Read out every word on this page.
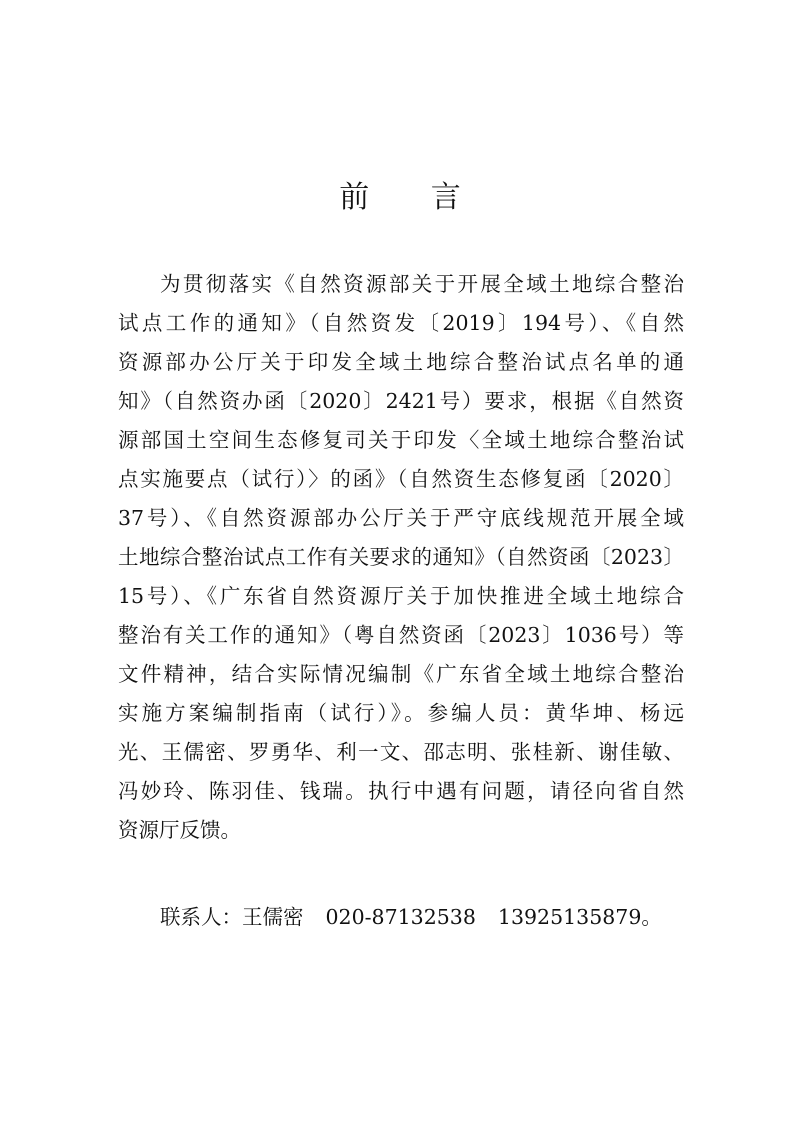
前 言
为贯彻落实《自然资源部关于开展全域土地综合整治
试点工作的通知》（自然资发〔2019〕194号）、《自然
资源部办公厅关于印发全域土地综合整治试点名单的通
知》（自然资办函〔2020〕2421号）要求，根据《自然资
源部国土空间生态修复司关于印发〈全域土地综合整治试
点实施要点（试行）〉的函》（自然资生态修复函〔2020〕
37号）、《自然资源部办公厅关于严守底线规范开展全域
土地综合整治试点工作有关要求的通知》（自然资函〔2023〕
15号）、《广东省自然资源厅关于加快推进全域土地综合
整治有关工作的通知》（粤自然资函〔2023〕1036号）等
文件精神，结合实际情况编制《广东省全域土地综合整治
实施方案编制指南（试行）》。参编人员：黄华坤、杨远
光、王儒密、罗勇华、利一文、邵志明、张桂新、谢佳敏、
冯妙玲、陈羽佳、钱瑞。执行中遇有问题，请径向省自然
资源厅反馈。
联系人：王儒密 020-87132538 13925135879。
